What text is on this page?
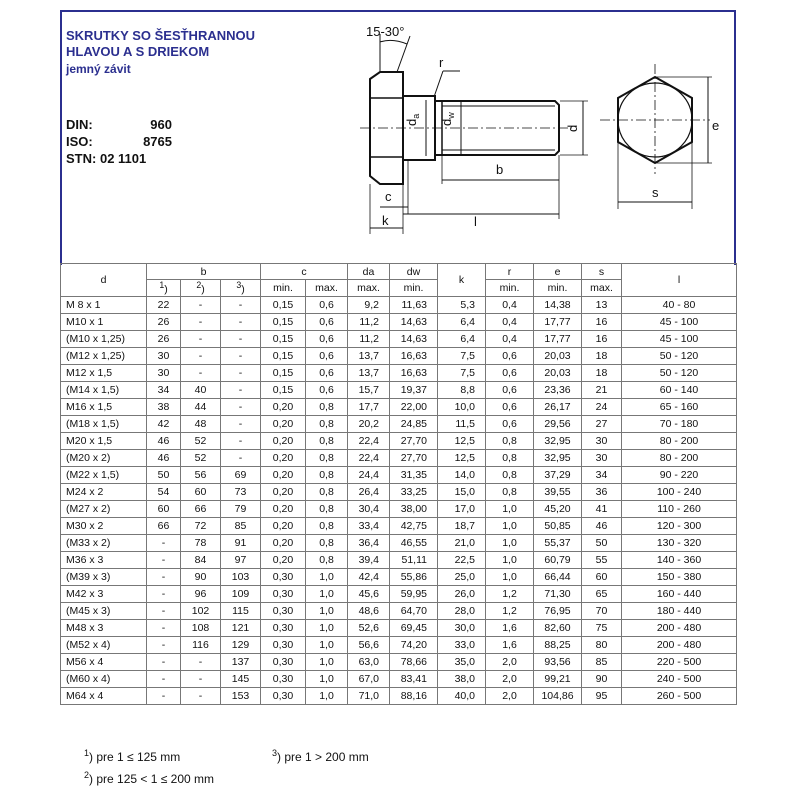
SKRUTKY SO ŠESŤHRANNOU
HLAVOU A S DRIEKOM
jemný závit
DIN:	960
ISO:	8765
STN: 02 1101
15-30°
r
$d_a$
$d_w$
d
b
c
k	l
e
s
d	b			c		da	dw	k	r	e	s	l
	$^1$)	$^2$)	$^3$)	min.	max.	max.	min.		min.	min.	max.	
M 8 x 1	22	-	-	0,15	0,6	9,2	11,63	5,3	0,4	14,38	13	40 - 80
M10 x 1	26	-	-	0,15	0,6	11,2	14,63	6,4	0,4	17,77	16	45 - 100
(M10 x 1,25)	26	-	-	0,15	0,6	11,2	14,63	6,4	0,4	17,77	16	45 - 100
(M12 x 1,25)	30	-	-	0,15	0,6	13,7	16,63	7,5	0,6	20,03	18	50 - 120
M12 x 1,5	30	-	-	0,15	0,6	13,7	16,63	7,5	0,6	20,03	18	50 - 120
(M14 x 1,5)	34	40	-	0,15	0,6	15,7	19,37	8,8	0,6	23,36	21	60 - 140
M16 x 1,5	38	44	-	0,20	0,8	17,7	22,00	10,0	0,6	26,17	24	65 - 160
(M18 x 1,5)	42	48	-	0,20	0,8	20,2	24,85	11,5	0,6	29,56	27	70 - 180
M20 x 1,5	46	52	-	0,20	0,8	22,4	27,70	12,5	0,8	32,95	30	80 - 200
(M20 x 2)	46	52	-	0,20	0,8	22,4	27,70	12,5	0,8	32,95	30	80 - 200
(M22 x 1,5)	50	56	69	0,20	0,8	24,4	31,35	14,0	0,8	37,29	34	90 - 220
M24 x 2	54	60	73	0,20	0,8	26,4	33,25	15,0	0,8	39,55	36	100 - 240
(M27 x 2)	60	66	79	0,20	0,8	30,4	38,00	17,0	1,0	45,20	41	110 - 260
M30 x 2	66	72	85	0,20	0,8	33,4	42,75	18,7	1,0	50,85	46	120 - 300
(M33 x 2)	-	78	91	0,20	0,8	36,4	46,55	21,0	1,0	55,37	50	130 - 320
M36 x 3	-	84	97	0,20	0,8	39,4	51,11	22,5	1,0	60,79	55	140 - 360
(M39 x 3)	-	90	103	0,30	1,0	42,4	55,86	25,0	1,0	66,44	60	150 - 380
M42 x 3	-	96	109	0,30	1,0	45,6	59,95	26,0	1,2	71,30	65	160 - 440
(M45 x 3)	-	102	115	0,30	1,0	48,6	64,70	28,0	1,2	76,95	70	180 - 440
M48 x 3	-	108	121	0,30	1,0	52,6	69,45	30,0	1,6	82,60	75	200 - 480
(M52 x 4)	-	116	129	0,30	1,0	56,6	74,20	33,0	1,6	88,25	80	200 - 480
M56 x 4	-	-	137	0,30	1,0	63,0	78,66	35,0	2,0	93,56	85	220 - 500
(M60 x 4)	-	-	145	0,30	1,0	67,0	83,41	38,0	2,0	99,21	90	240 - 500
M64 x 4	-	-	153	0,30	1,0	71,0	88,16	40,0	2,0	104,86	95	260 - 500
$^1$) pre 1 ≤ 125 mm
$^2$) pre 125 < 1 ≤ 200 mm
$^3$) pre 1 > 200 mm
